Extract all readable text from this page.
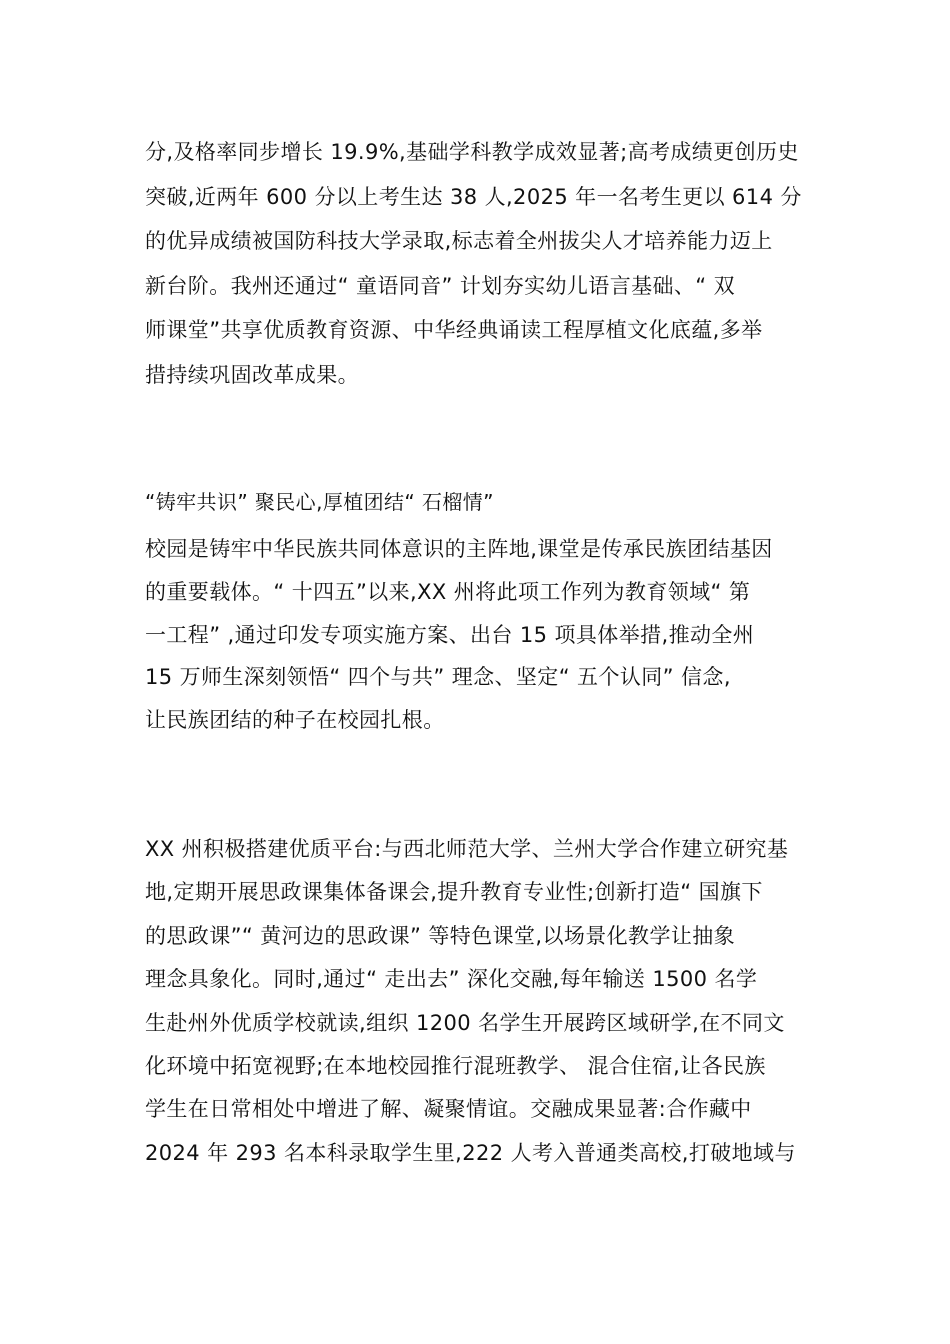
分,及格率同步增长 19.9%,基础学科教学成效显著;高考成绩更创历史
突破,近两年 600 分以上考生达 38 人,2025 年一名考生更以 614 分
的优异成绩被国防科技大学录取,标志着全州拔尖人才培养能力迈上
新台阶。我州还通过“ 童语同音” 计划夯实幼儿语言基础、“ 双
师课堂”共享优质教育资源、中华经典诵读工程厚植文化底蕴,多举
措持续巩固改革成果。
“铸牢共识” 聚民心,厚植团结“ 石榴情”
校园是铸牢中华民族共同体意识的主阵地,课堂是传承民族团结基因
的重要载体。“ 十四五”以来,XX 州将此项工作列为教育领域“ 第
一工程” ,通过印发专项实施方案、出台 15 项具体举措,推动全州
15 万师生深刻领悟“ 四个与共” 理念、坚定“ 五个认同” 信念,
让民族团结的种子在校园扎根。
XX 州积极搭建优质平台:与西北师范大学、兰州大学合作建立研究基
地,定期开展思政课集体备课会,提升教育专业性;创新打造“ 国旗下
的思政课”“ 黄河边的思政课” 等特色课堂,以场景化教学让抽象
理念具象化。同时,通过“ 走出去” 深化交融,每年输送 1500 名学
生赴州外优质学校就读,组织 1200 名学生开展跨区域研学,在不同文
化环境中拓宽视野;在本地校园推行混班教学、 混合住宿,让各民族
学生在日常相处中增进了解、凝聚情谊。交融成果显著:合作藏中
2024 年 293 名本科录取学生里,222 人考入普通类高校,打破地域与
